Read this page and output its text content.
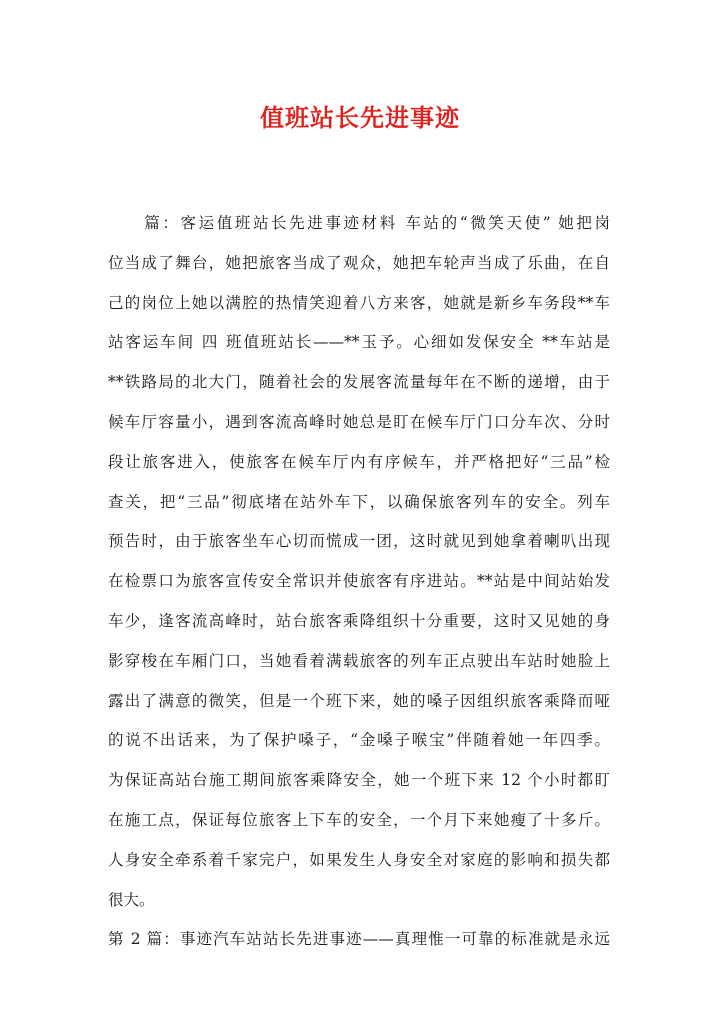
值班站长先进事迹
　　篇：客运值班站长先进事迹材料 车站的“微笑天使” 她把岗
位当成了舞台，她把旅客当成了观众，她把车轮声当成了乐曲，在自
己的岗位上她以满腔的热情笑迎着八方来客，她就是新乡车务段**车
站客运车间 四 班值班站长——**玉予。心细如发保安全 **车站是
**铁路局的北大门，随着社会的发展客流量每年在不断的递增，由于
候车厅容量小，遇到客流高峰时她总是盯在候车厅门口分车次、分时
段让旅客进入，使旅客在候车厅内有序候车，并严格把好“三品”检
查关，把“三品”彻底堵在站外车下，以确保旅客列车的安全。列车
预告时，由于旅客坐车心切而慌成一团，这时就见到她拿着喇叭出现
在检票口为旅客宣传安全常识并使旅客有序进站。**站是中间站始发
车少，逢客流高峰时，站台旅客乘降组织十分重要，这时又见她的身
影穿梭在车厢门口，当她看着满载旅客的列车正点驶出车站时她脸上
露出了满意的微笑，但是一个班下来，她的嗓子因组织旅客乘降而哑
的说不出话来，为了保护嗓子，“金嗓子喉宝”伴随着她一年四季。
为保证高站台施工期间旅客乘降安全，她一个班下来 12 个小时都盯
在施工点，保证每位旅客上下车的安全，一个月下来她瘦了十多斤。
人身安全牵系着千家完户，如果发生人身安全对家庭的影响和损失都
很大。
第 2 篇：事迹汽车站站长先进事迹——真理惟一可靠的标准就是永远
